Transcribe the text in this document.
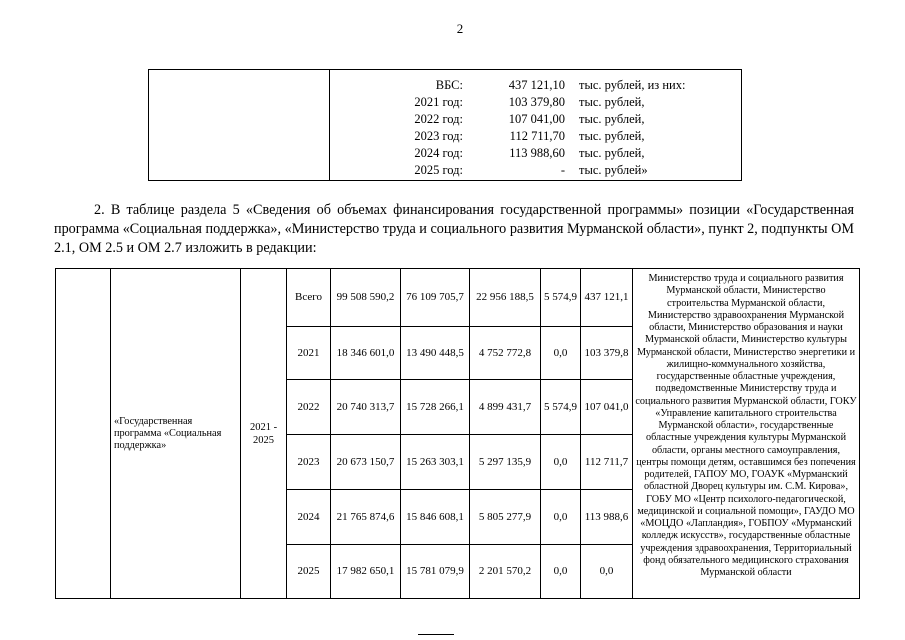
2
ВБС:	437 121,10 тыс. рублей, из них:
2021 год:	103 379,80 тыс. рублей,
2022 год:	107 041,00 тыс. рублей,
2023 год:	112 711,70 тыс. рублей,
2024 год:	113 988,60 тыс. рублей,
2025 год:	- тыс. рублей»
2. В таблице раздела 5 «Сведения об объемах финансирования государственной программы» позиции «Государственная программа «Социальная поддержка», «Министерство труда и социального развития Мурманской области», пункт 2, подпункты ОМ 2.1, ОМ 2.5 и ОМ 2.7 изложить в редакции:
	«Государственная программа «Социальная поддержка»	2021 - 2025	Всего	99 508 590,2	76 109 705,7	22 956 188,5	5 574,9	437 121,1	Министерство труда и социального развития Мурманской области, Министерство строительства Мурманской области, Министерство здравоохранения Мурманской области, Министерство образования и науки Мурманской области, Министерство культуры Мурманской области, Министерство энергетики и жилищно-коммунального хозяйства, государственные областные учреждения, подведомственные Министерству труда и социального развития Мурманской области, ГОКУ «Управление капитального строительства Мурманской области», государственные областные учреждения культуры Мурманской области, органы местного самоуправления, центры помощи детям, оставшимся без попечения родителей, ГАПОУ МО, ГОАУК «Мурманский областной Дворец культуры им. С.М. Кирова», ГОБУ МО «Центр психолого-педагогической, медицинской и социальной помощи», ГАУДО МО «МОЦДО «Лапландия», ГОБПОУ «Мурманский колледж искусств», государственные областные учреждения здравоохранения, Территориальный фонд обязательного медицинского страхования Мурманской области
			2021	18 346 601,0	13 490 448,5	4 752 772,8	0,0	103 379,8	
			2022	20 740 313,7	15 728 266,1	4 899 431,7	5 574,9	107 041,0	
			2023	20 673 150,7	15 263 303,1	5 297 135,9	0,0	112 711,7	
			2024	21 765 874,6	15 846 608,1	5 805 277,9	0,0	113 988,6	
			2025	17 982 650,1	15 781 079,9	2 201 570,2	0,0	0,0	
